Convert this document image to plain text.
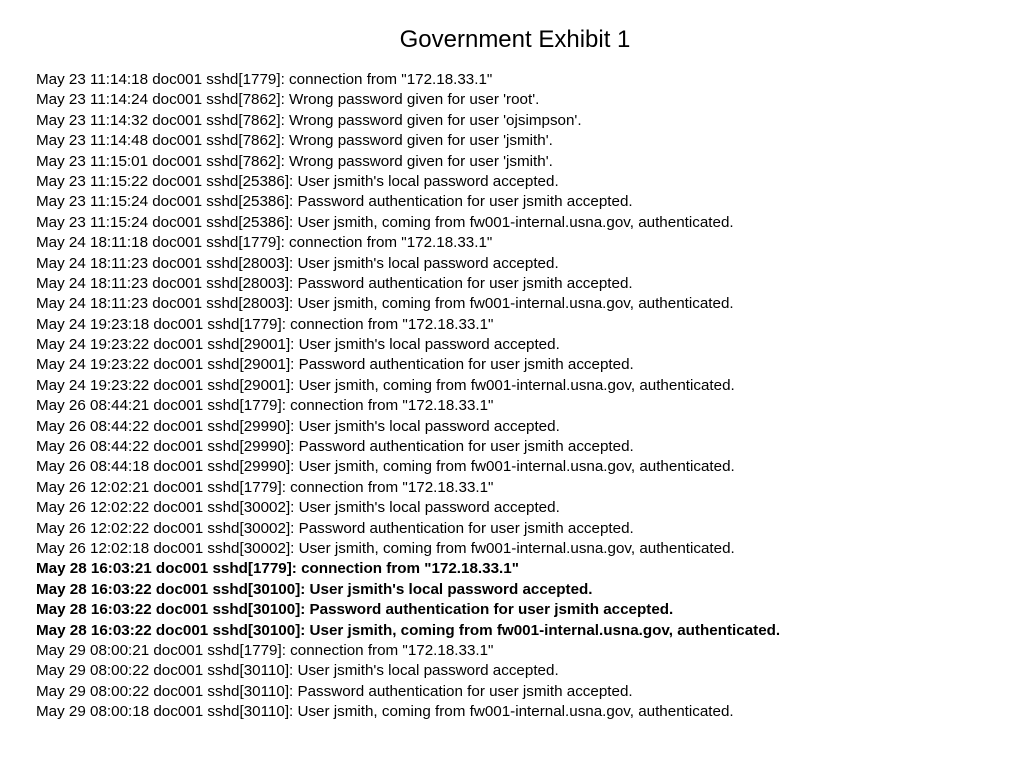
Government Exhibit 1
May 23 11:14:18 doc001 sshd[1779]: connection from "172.18.33.1"
May 23 11:14:24 doc001 sshd[7862]: Wrong password given for user 'root'.
May 23 11:14:32 doc001 sshd[7862]: Wrong password given for user 'ojsimpson'.
May 23 11:14:48 doc001 sshd[7862]: Wrong password given for user 'jsmith'.
May 23 11:15:01 doc001 sshd[7862]: Wrong password given for user 'jsmith'.
May 23 11:15:22 doc001 sshd[25386]: User jsmith's local password accepted.
May 23 11:15:24 doc001 sshd[25386]: Password authentication for user jsmith accepted.
May 23 11:15:24 doc001 sshd[25386]: User jsmith, coming from fw001-internal.usna.gov, authenticated.
May 24 18:11:18 doc001 sshd[1779]: connection from "172.18.33.1"
May 24 18:11:23 doc001 sshd[28003]: User jsmith's local password accepted.
May 24 18:11:23 doc001 sshd[28003]: Password authentication for user jsmith accepted.
May 24 18:11:23 doc001 sshd[28003]: User jsmith, coming from fw001-internal.usna.gov, authenticated.
May 24 19:23:18 doc001 sshd[1779]: connection from "172.18.33.1"
May 24 19:23:22 doc001 sshd[29001]: User jsmith's local password accepted.
May 24 19:23:22 doc001 sshd[29001]: Password authentication for user jsmith accepted.
May 24 19:23:22 doc001 sshd[29001]: User jsmith, coming from fw001-internal.usna.gov, authenticated.
May 26 08:44:21 doc001 sshd[1779]: connection from "172.18.33.1"
May 26 08:44:22 doc001 sshd[29990]: User jsmith's local password accepted.
May 26 08:44:22 doc001 sshd[29990]: Password authentication for user jsmith accepted.
May 26 08:44:18 doc001 sshd[29990]: User jsmith, coming from fw001-internal.usna.gov, authenticated.
May 26 12:02:21 doc001 sshd[1779]: connection from "172.18.33.1"
May 26 12:02:22 doc001 sshd[30002]: User jsmith's local password accepted.
May 26 12:02:22 doc001 sshd[30002]: Password authentication for user jsmith accepted.
May 26 12:02:18 doc001 sshd[30002]: User jsmith, coming from fw001-internal.usna.gov, authenticated.
May 28 16:03:21 doc001 sshd[1779]: connection from "172.18.33.1"
May 28 16:03:22 doc001 sshd[30100]: User jsmith's local password accepted.
May 28 16:03:22 doc001 sshd[30100]: Password authentication for user jsmith accepted.
May 28 16:03:22 doc001 sshd[30100]: User jsmith, coming from fw001-internal.usna.gov, authenticated.
May 29 08:00:21 doc001 sshd[1779]: connection from "172.18.33.1"
May 29 08:00:22 doc001 sshd[30110]: User jsmith's local password accepted.
May 29 08:00:22 doc001 sshd[30110]: Password authentication for user jsmith accepted.
May 29 08:00:18 doc001 sshd[30110]: User jsmith, coming from fw001-internal.usna.gov, authenticated.
